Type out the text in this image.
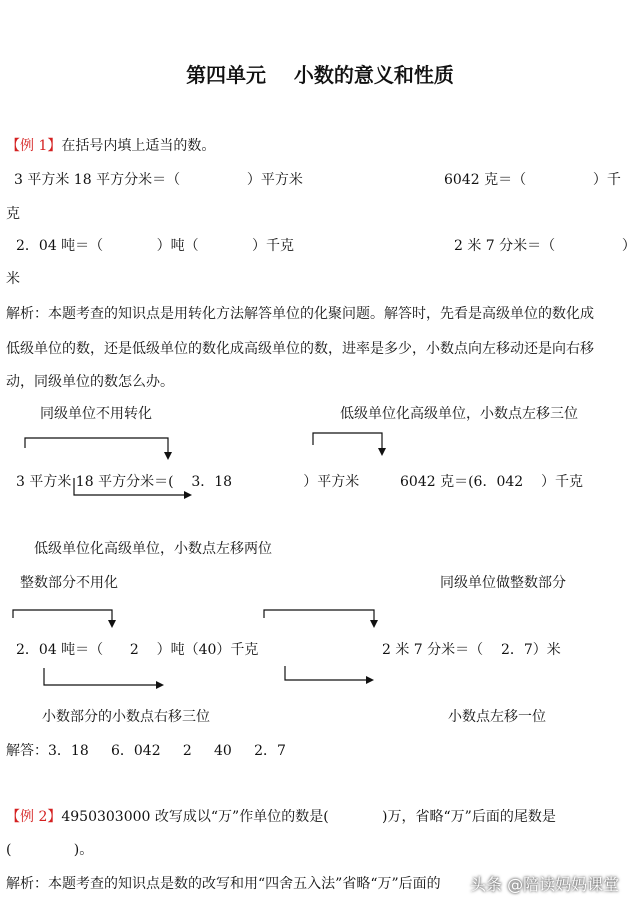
第四单元    小数的意义和性质
【例 1】在括号内填上适当的数。
3 平方米 18 平方分米＝（               ）平方米	6042 克＝（               ）千
克
2．04 吨＝（            ）吨（            ）千克	2 米 7 分米＝（               ）
米
解析：本题考查的知识点是用转化方法解答单位的化聚问题。解答时，先看是高级单位的数化成
低级单位的数，还是低级单位的数化成高级单位的数，进率是多少，小数点向左移动还是向右移
动，同级单位的数怎么办。
同级单位不用转化	低级单位化高级单位，小数点左移三位
3 平方米 18 平方分米＝(    3．18                ）平方米	6042 克＝(6．042    ）千克
低级单位化高级单位，小数点左移两位
整数部分不用化	同级单位做整数部分
2．04 吨＝（      2    ）吨（40）千克	2 米 7 分米＝（    2．7）米
小数部分的小数点右移三位	小数点左移一位
解答：3．18     6．042     2     40     2．7
【例 2】4950303000 改写成以“万”作单位的数是(            )万，省略“万”后面的尾数是
(              )。
解析：本题考查的知识点是数的改写和用“四舍五入法”省略“万”后面的 头条 @陪读妈妈课堂
